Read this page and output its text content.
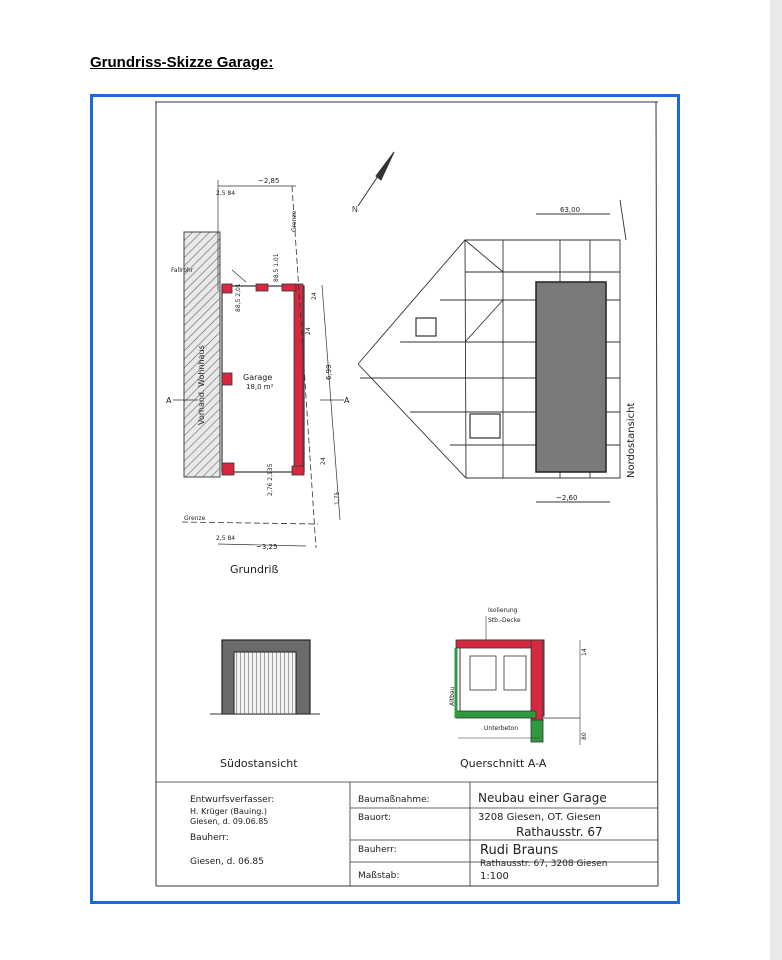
Grundriss-Skizze Garage:
~2,85
2,5 84
~3,25
2,5 84
Garage
18,0 m²
Fallrohr
Grenze
A	A
Grundriß
Vorhand. Wohnhaus	6,99
Grenze
24
24
24
1,75
2,76 2,135
88,5 2,01
88,5 1,01
N	63,00
~2,60
Nordostansicht
Südostansicht
Isolierung
Stb.-Decke
Unterbeton
Altbau
14
80
Querschnitt A-A
Entwurfsverfasser:
H. Krüger (Bauing.)
Giesen, d. 09.06.85
Bauherr:
Giesen, d. 06.85
Baumaßnahme:	Neubau einer Garage
Bauort:	3208 Giesen, OT. Giesen
Rathausstr. 67
Bauherr:	Rudi Brauns
Rathausstr. 67, 3208 Giesen
Maßstab:	1:100
